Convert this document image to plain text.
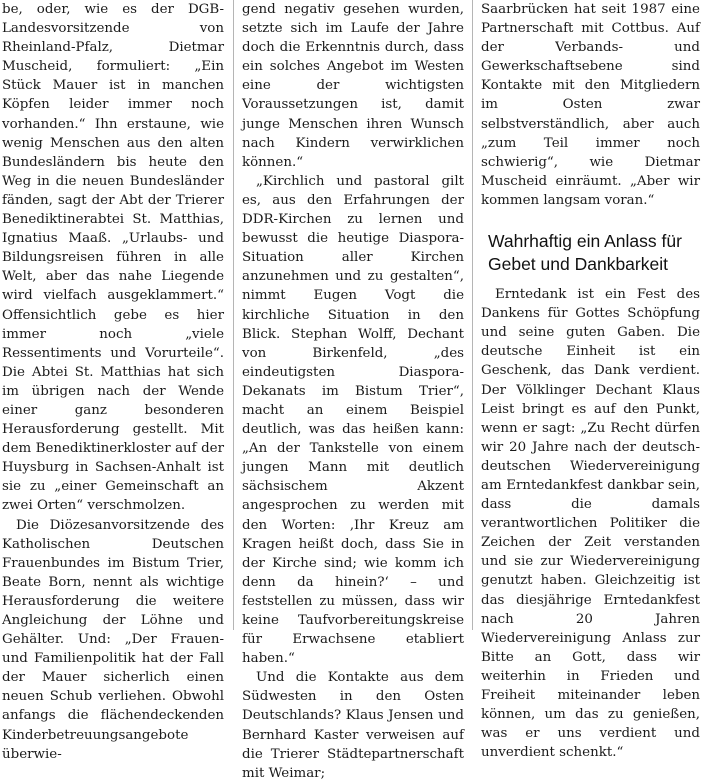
be, oder, wie es der DGB-Landesvorsitzende von Rheinland-Pfalz, Dietmar Muscheid, formuliert: „Ein Stück Mauer ist in manchen Köpfen leider immer noch vorhanden.“ Ihn erstaune, wie wenig Menschen aus den alten Bundesländern bis heute den Weg in die neuen Bundesländer fänden, sagt der Abt der Trierer Benediktinerabtei St. Matthias, Ignatius Maaß. „Urlaubs- und Bildungsreisen führen in alle Welt, aber das nahe Liegende wird vielfach ausgeklammert.“ Offensichtlich gebe es hier immer noch „viele Ressentiments und Vorurteile“. Die Abtei St. Matthias hat sich im übrigen nach der Wende einer ganz besonderen Herausforderung gestellt. Mit dem Benediktinerkloster auf der Huysburg in Sachsen-Anhalt ist sie zu „einer Gemeinschaft an zwei Orten“ verschmolzen.

Die Diözesanvorsitzende des Katholischen Deutschen Frauenbundes im Bistum Trier, Beate Born, nennt als wichtige Herausforderung die weitere Angleichung der Löhne und Gehälter. Und: „Der Frauen- und Familienpolitik hat der Fall der Mauer sicherlich einen neuen Schub verliehen. Obwohl anfangs die flächendeckenden Kinderbetreuungsangebote überwie-

gend negativ gesehen wurden, setzte sich im Laufe der Jahre doch die Erkenntnis durch, dass ein solches Angebot im Westen eine der wichtigsten Voraussetzungen ist, damit junge Menschen ihren Wunsch nach Kindern verwirklichen können.“

„Kirchlich und pastoral gilt es, aus den Erfahrungen der DDR-Kirchen zu lernen und bewusst die heutige Diaspora-Situation aller Kirchen anzunehmen und zu gestalten“, nimmt Eugen Vogt die kirchliche Situation in den Blick. Stephan Wolff, Dechant von Birkenfeld, „des eindeutigsten Diaspora-Dekanats im Bistum Trier“, macht an einem Beispiel deutlich, was das heißen kann: „An der Tankstelle von einem jungen Mann mit deutlich sächsischem Akzent angesprochen zu werden mit den Worten: ‚Ihr Kreuz am Kragen heißt doch, dass Sie in der Kirche sind; wie komm ich denn da hinein?‘ – und feststellen zu müssen, dass wir keine Taufvorbereitungskreise für Erwachsene etabliert haben.“

Und die Kontakte aus dem Südwesten in den Osten Deutschlands? Klaus Jensen und Bernhard Kaster verweisen auf die Trierer Städtepartnerschaft mit Weimar;

Saarbrücken hat seit 1987 eine Partnerschaft mit Cottbus. Auf der Verbands- und Gewerkschaftsebene sind Kontakte mit den Mitgliedern im Osten zwar selbstverständlich, aber auch „zum Teil immer noch schwierig“, wie Dietmar Muscheid einräumt. „Aber wir kommen langsam voran.“

Wahrhaftig ein Anlass für Gebet und Dankbarkeit

Erntedank ist ein Fest des Dankens für Gottes Schöpfung und seine guten Gaben. Die deutsche Einheit ist ein Geschenk, das Dank verdient. Der Völklinger Dechant Klaus Leist bringt es auf den Punkt, wenn er sagt: „Zu Recht dürfen wir 20 Jahre nach der deutsch-deutschen Wiedervereinigung am Erntedankfest dankbar sein, dass die damals verantwortlichen Politiker die Zeichen der Zeit verstanden und sie zur Wiedervereinigung genutzt haben. Gleichzeitig ist das diesjährige Erntedankfest nach 20 Jahren Wiedervereinigung Anlass zur Bitte an Gott, dass wir weiterhin in Frieden und Freiheit miteinander leben können, um das zu genießen, was er uns verdient und unverdient schenkt.“
